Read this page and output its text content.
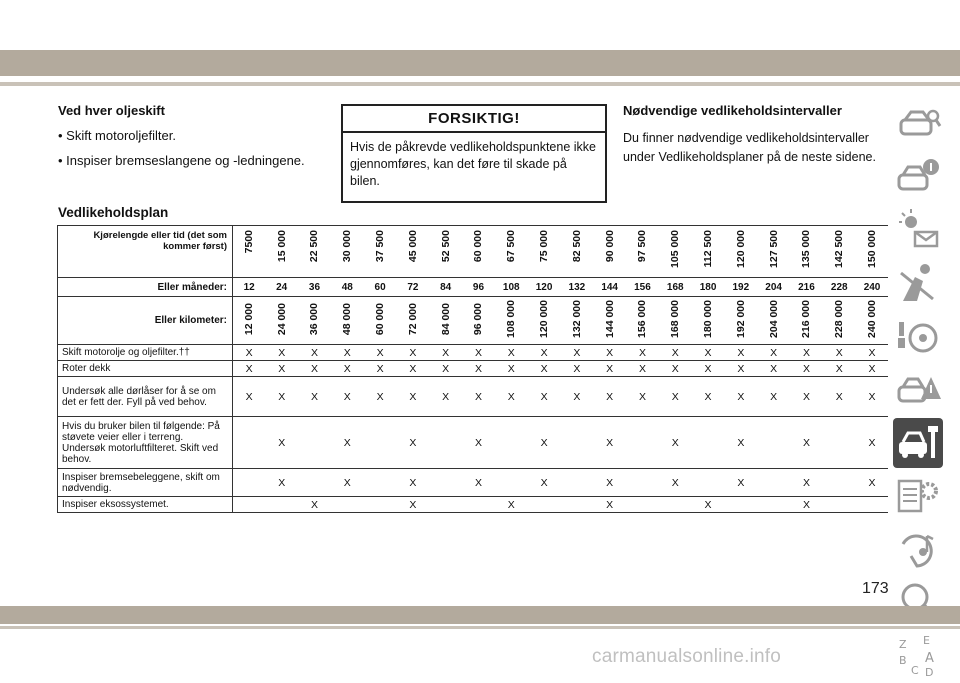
Ved hver oljeskift
• Skift motoroljefilter.
• Inspiser bremseslangene og -ledningene.
FORSIKTIG!
Hvis de påkrevde vedlikeholdspunktene ikke gjennomføres, kan det føre til skade på bilen.
Nødvendige vedlikeholdsintervaller
Du finner nødvendige vedlikeholdsintervaller under Vedlikeholdsplaner på de neste sidene.
Vedlikeholdsplan
Kjørelengde eller tid (det som kommer først)	7500	15 000	22 500	30 000	37 500	45 000	52 500	60 000	67 500	75 000	82 500	90 000	97 500	105 000	112 500	120 000	127 500	135 000	142 500	150 000
Eller måneder:	12	24	36	48	60	72	84	96	108	120	132	144	156	168	180	192	204	216	228	240
Eller kilometer:	12 000	24 000	36 000	48 000	60 000	72 000	84 000	96 000	108 000	120 000	132 000	144 000	156 000	168 000	180 000	192 000	204 000	216 000	228 000	240 000
Skift motorolje og oljefilter.††	X	X	X	X	X	X	X	X	X	X	X	X	X	X	X	X	X	X	X	X
Roter dekk	X	X	X	X	X	X	X	X	X	X	X	X	X	X	X	X	X	X	X	X
Undersøk alle dørlåser for å se om det er fett der. Fyll på ved behov.	X	X	X	X	X	X	X	X	X	X	X	X	X	X	X	X	X	X	X	X
Hvis du bruker bilen til følgende: På støvete veier eller i terreng. Undersøk motorluftfilteret. Skift ved behov.		X		X		X		X		X		X		X		X		X		X
Inspiser bremsebeleggene, skift om nødvendig.		X		X		X		X		X		X		X		X		X		X
Inspiser eksossystemet.			X			X			X			X			X			X		
Z E
B A
C D
173
carmanualsonline.info
